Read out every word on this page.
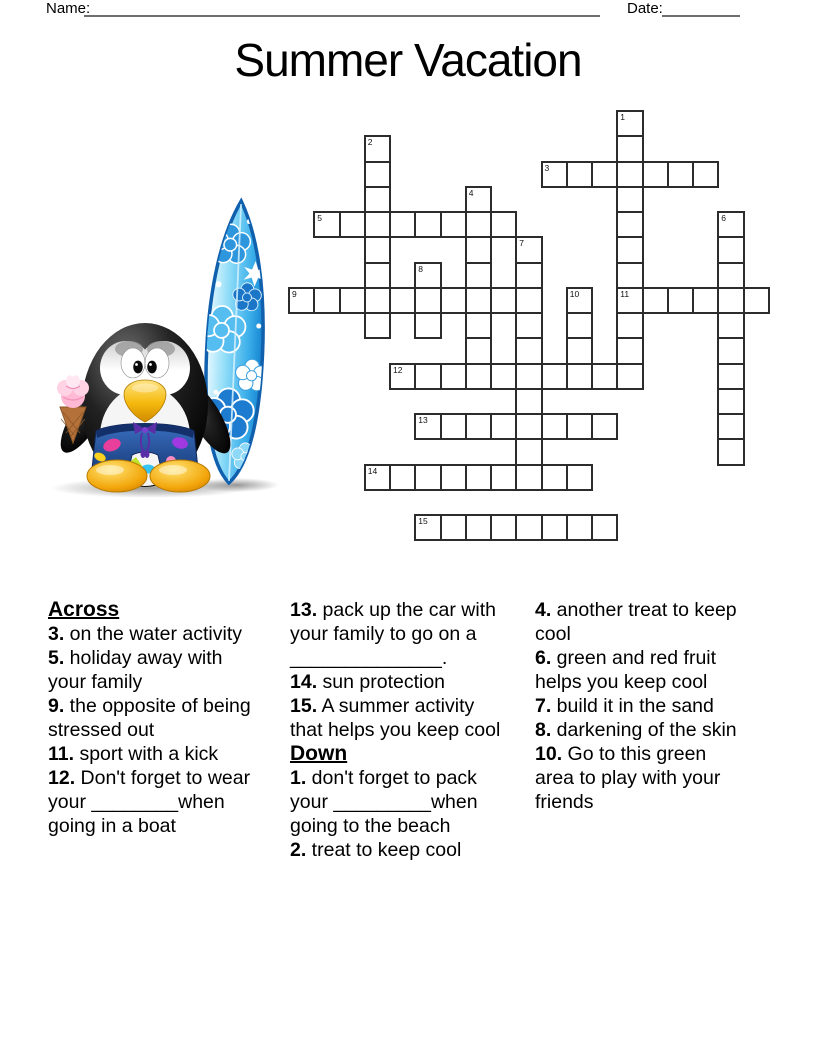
Name:	Date:
Summer Vacation
1
11
2
3
4
5	6
7
8
9	10
12
13
14
15
Across
3. on the water activity
5. holiday away with your family
9. the opposite of being stressed out
11. sport with a kick
12. Don't forget to wear your ________when going in a boat
13. pack up the car with your family to go on a ______________.
14. sun protection
15. A summer activity that helps you keep cool
Down
1. don't forget to pack your _________when going to the beach
2. treat to keep cool
4. another treat to keep cool
6. green and red fruit helps you keep cool
7. build it in the sand
8. darkening of the skin
10. Go to this green area to play with your friends
